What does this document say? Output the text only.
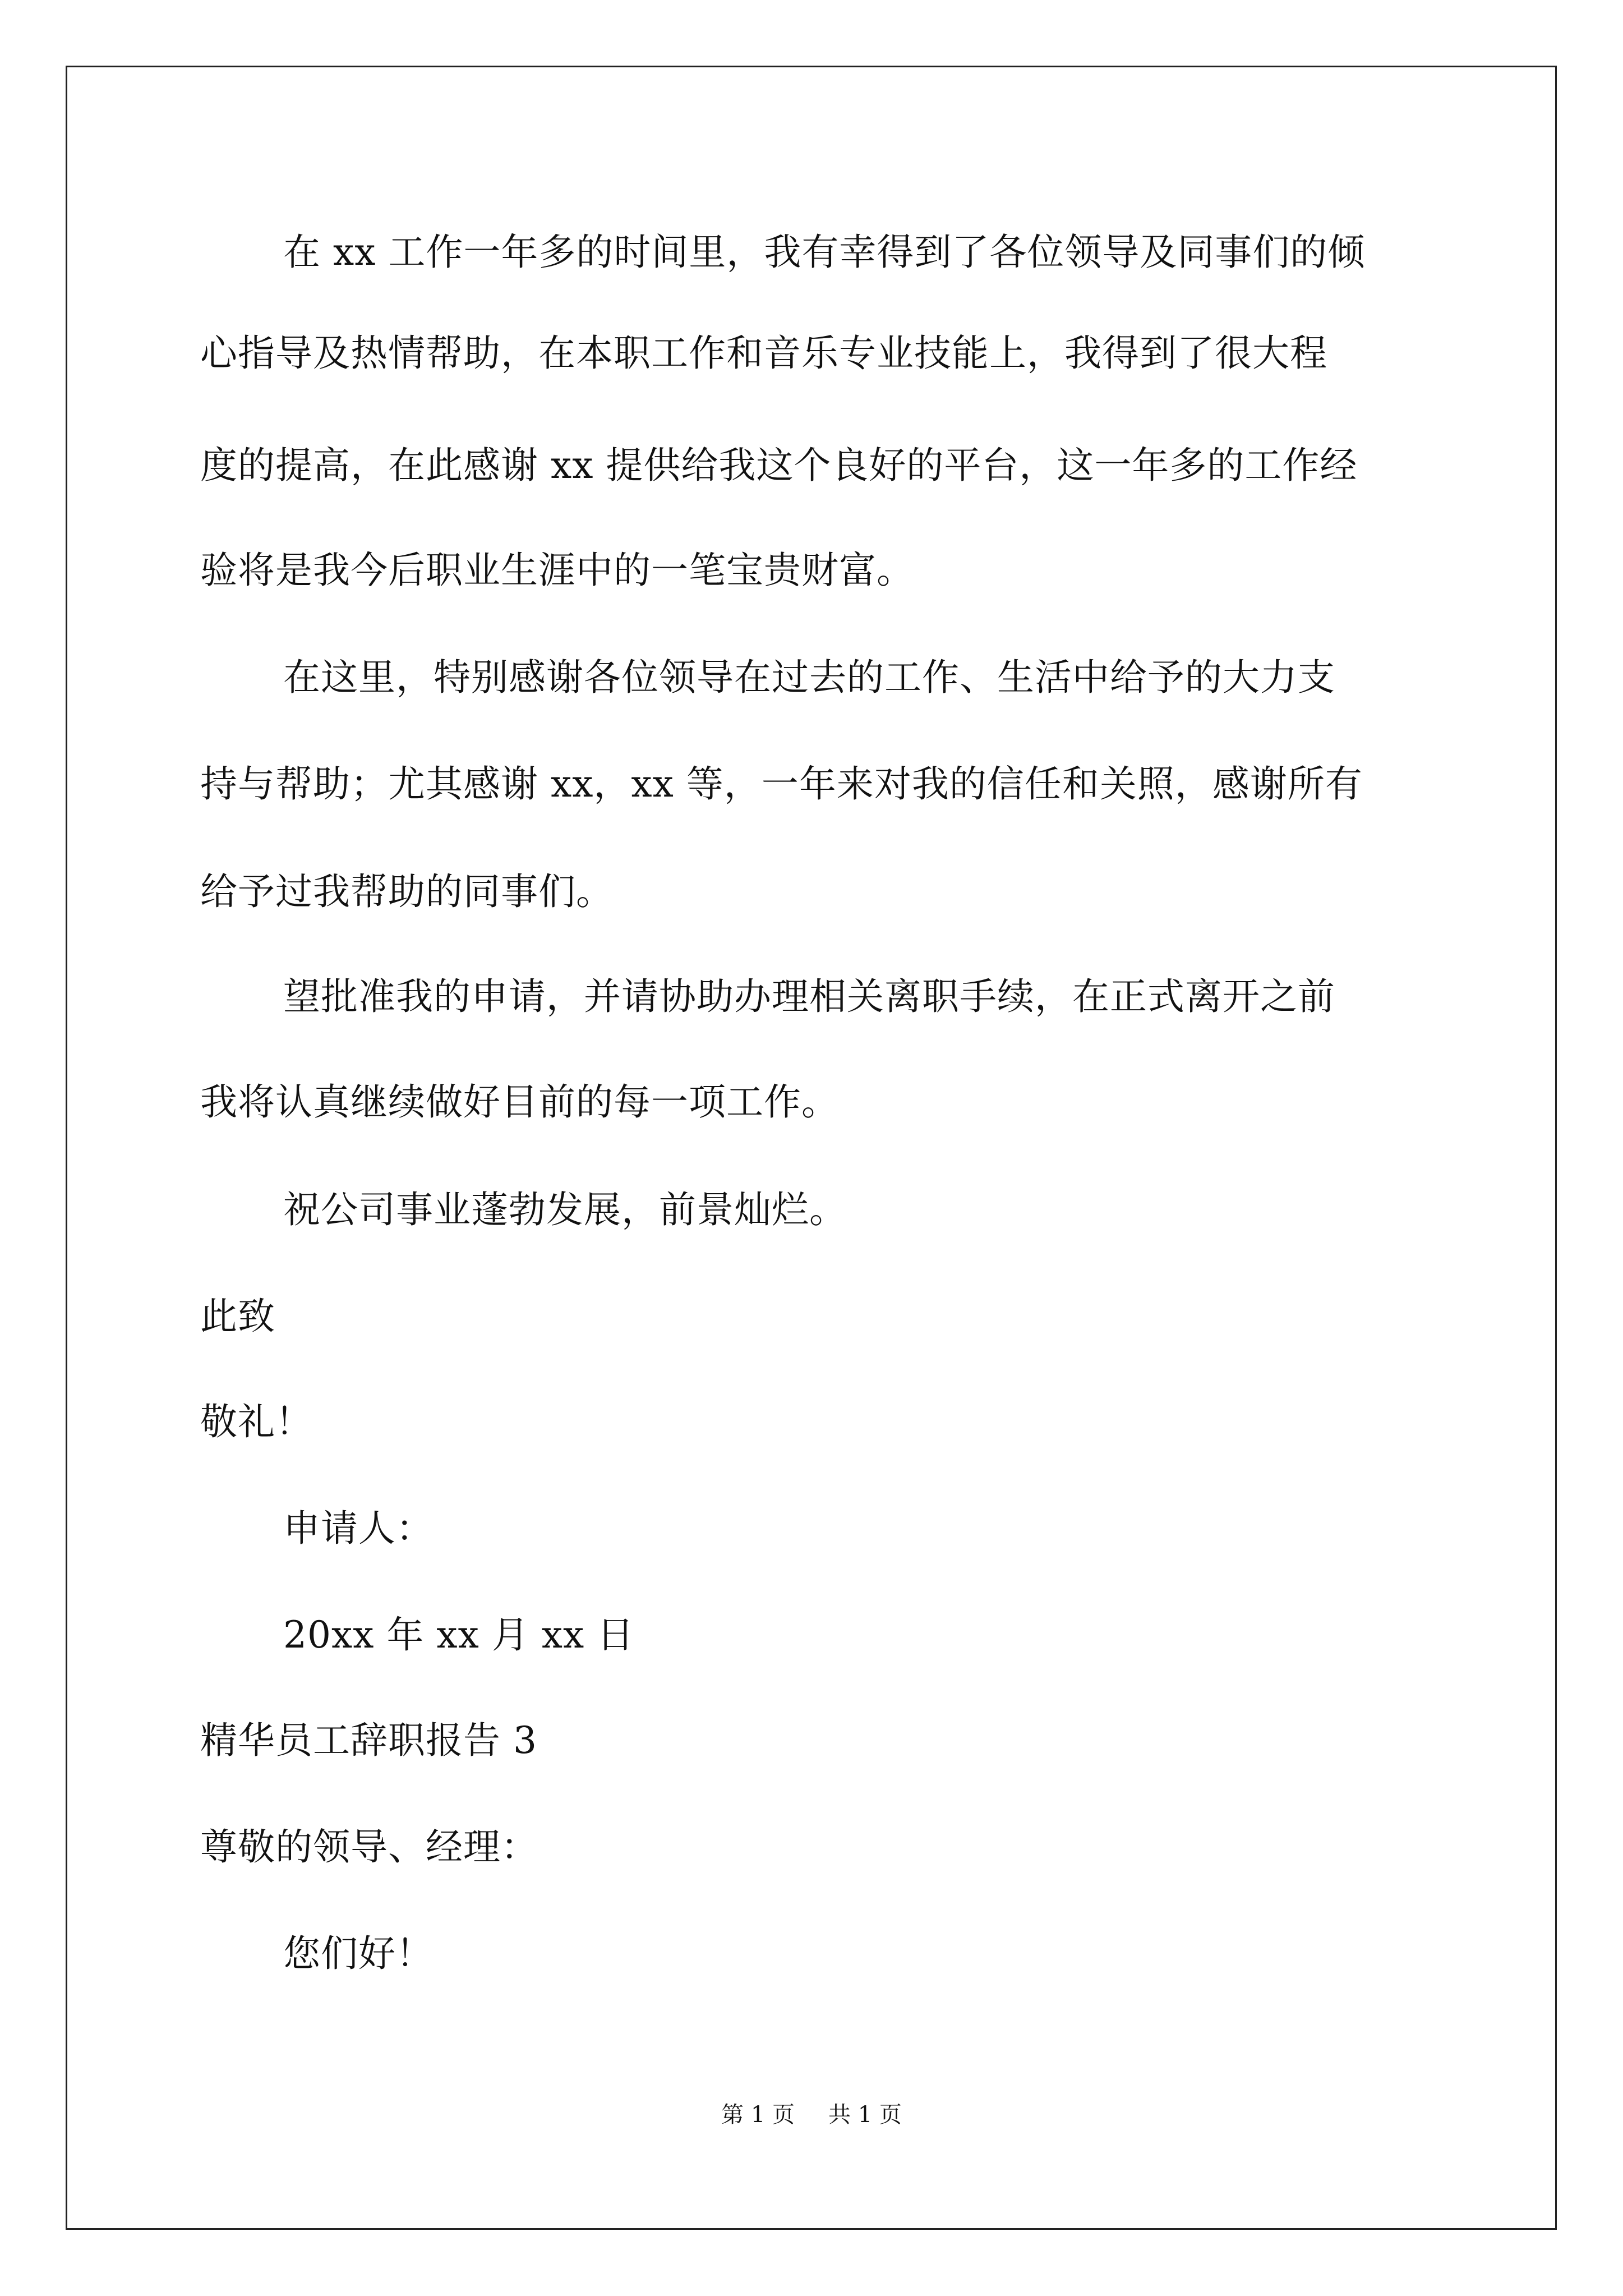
在 xx 工作一年多的时间里，我有幸得到了各位领导及同事们的倾
心指导及热情帮助，在本职工作和音乐专业技能上，我得到了很大程
度的提高，在此感谢 xx 提供给我这个良好的平台，这一年多的工作经
验将是我今后职业生涯中的一笔宝贵财富。
在这里，特别感谢各位领导在过去的工作、生活中给予的大力支
持与帮助；尤其感谢 xx，xx 等，一年来对我的信任和关照，感谢所有
给予过我帮助的同事们。
望批准我的申请，并请协助办理相关离职手续，在正式离开之前
我将认真继续做好目前的每一项工作。
祝公司事业蓬勃发展，前景灿烂。
此致
敬礼！
申请人：
20xx 年 xx 月 xx 日
精华员工辞职报告 3
尊敬的领导、经理：
您们好！
第 1 页 共 1 页
